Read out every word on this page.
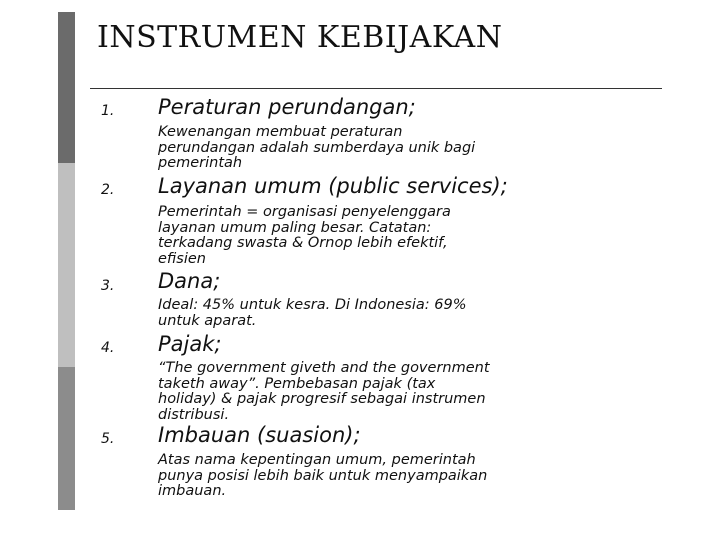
INSTRUMEN KEBIJAKAN
1. Peraturan perundangan;
Kewenangan membuat peraturan
perundangan adalah sumberdaya unik bagi
pemerintah
2. Layanan umum (public services);
Pemerintah = organisasi penyelenggara
layanan umum paling besar. Catatan:
terkadang swasta & Ornop lebih efektif,
efisien
3. Dana;
Ideal: 45% untuk kesra. Di Indonesia: 69%
untuk aparat.
4. Pajak;
“The government giveth and the government
taketh away”. Pembebasan pajak (tax
holiday) & pajak progresif sebagai instrumen
distribusi.
5. Imbauan (suasion);
Atas nama kepentingan umum, pemerintah
punya posisi lebih baik untuk menyampaikan
imbauan.
